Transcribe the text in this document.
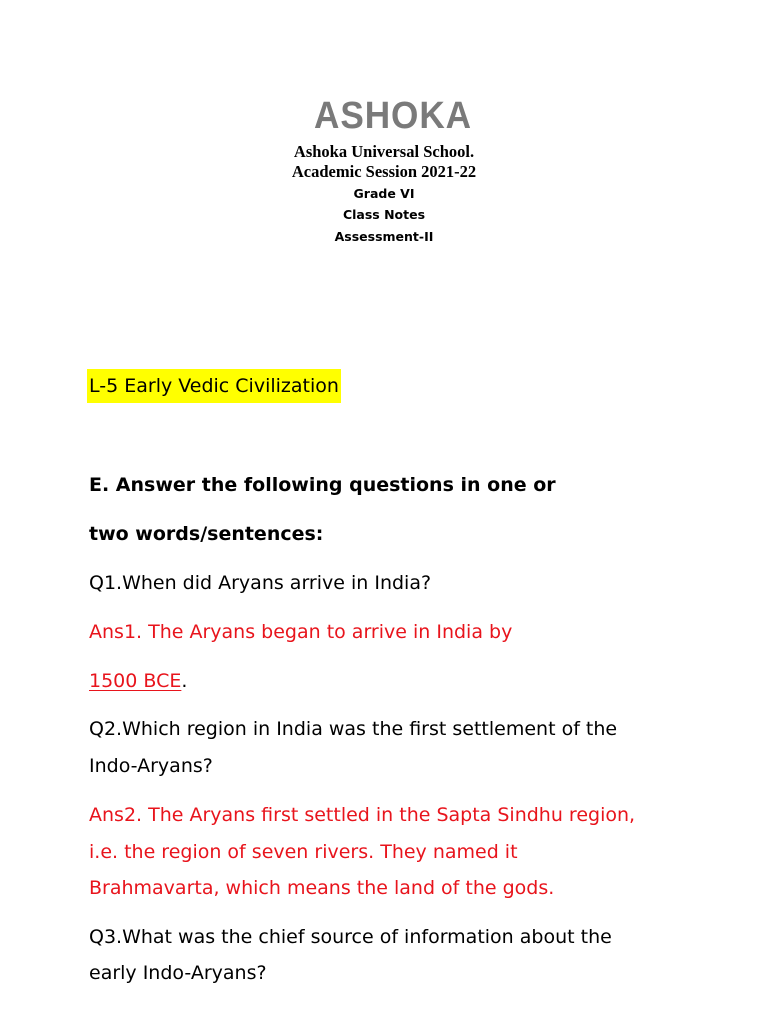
ASHOKA
Ashoka Universal School.
Academic Session 2021-22
Grade VI
Class Notes
Assessment-II
L-5 Early Vedic Civilization
E. Answer the following questions in one or
two words/sentences:
Q1.When did Aryans arrive in India?
Ans1. The Aryans began to arrive in India by
1500 BCE.
Q2.Which region in India was the first settlement of the
Indo-Aryans?
Ans2. The Aryans first settled in the Sapta Sindhu region,
i.e. the region of seven rivers. They named it
Brahmavarta, which means the land of the gods.
Q3.What was the chief source of information about the
early Indo-Aryans?
